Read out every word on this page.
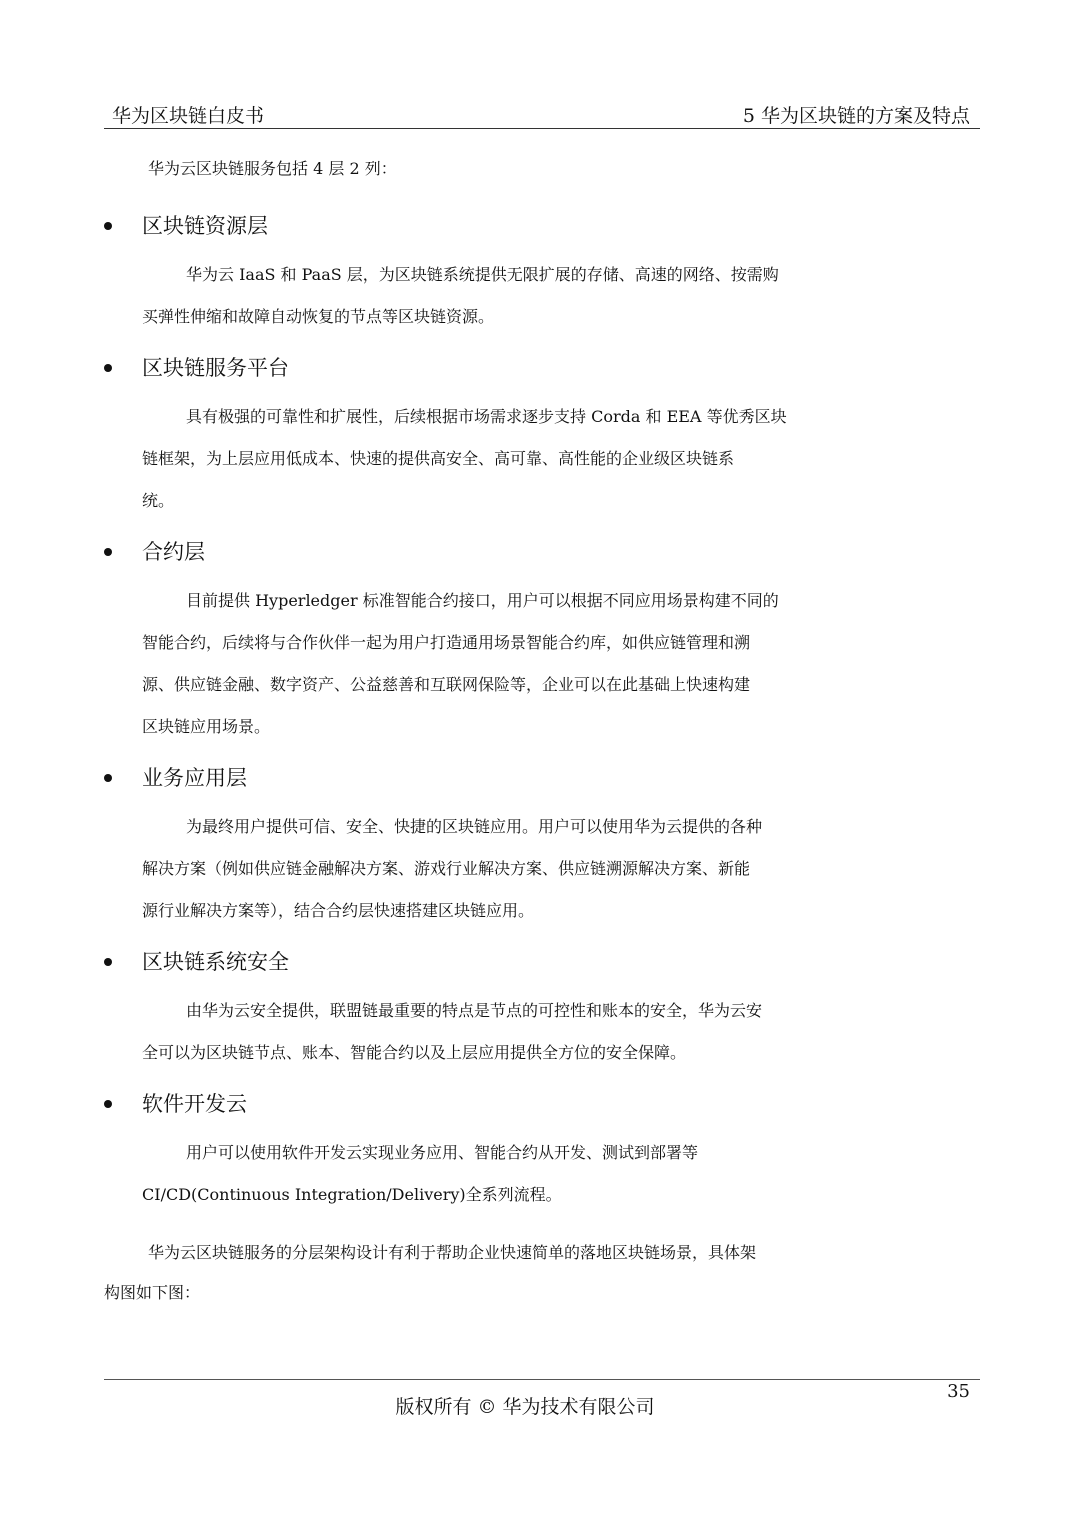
华为区块链白皮书	5 华为区块链的方案及特点
华为云区块链服务包括 4 层 2 列：
区块链资源层
华为云 IaaS 和 PaaS 层，为区块链系统提供无限扩展的存储、高速的网络、按需购
买弹性伸缩和故障自动恢复的节点等区块链资源。
区块链服务平台
具有极强的可靠性和扩展性，后续根据市场需求逐步支持 Corda 和 EEA 等优秀区块
链框架，为上层应用低成本、快速的提供高安全、高可靠、高性能的企业级区块链系
统。
合约层
目前提供 Hyperledger 标准智能合约接口，用户可以根据不同应用场景构建不同的
智能合约，后续将与合作伙伴一起为用户打造通用场景智能合约库，如供应链管理和溯
源、供应链金融、数字资产、公益慈善和互联网保险等，企业可以在此基础上快速构建
区块链应用场景。
业务应用层
为最终用户提供可信、安全、快捷的区块链应用。用户可以使用华为云提供的各种
解决方案（例如供应链金融解决方案、游戏行业解决方案、供应链溯源解决方案、新能
源行业解决方案等），结合合约层快速搭建区块链应用。
区块链系统安全
由华为云安全提供，联盟链最重要的特点是节点的可控性和账本的安全，华为云安
全可以为区块链节点、账本、智能合约以及上层应用提供全方位的安全保障。
软件开发云
用户可以使用软件开发云实现业务应用、智能合约从开发、测试到部署等
CI/CD(Continuous Integration/Delivery)全系列流程。
华为云区块链服务的分层架构设计有利于帮助企业快速简单的落地区块链场景，具体架
构图如下图：
35
版权所有 © 华为技术有限公司
